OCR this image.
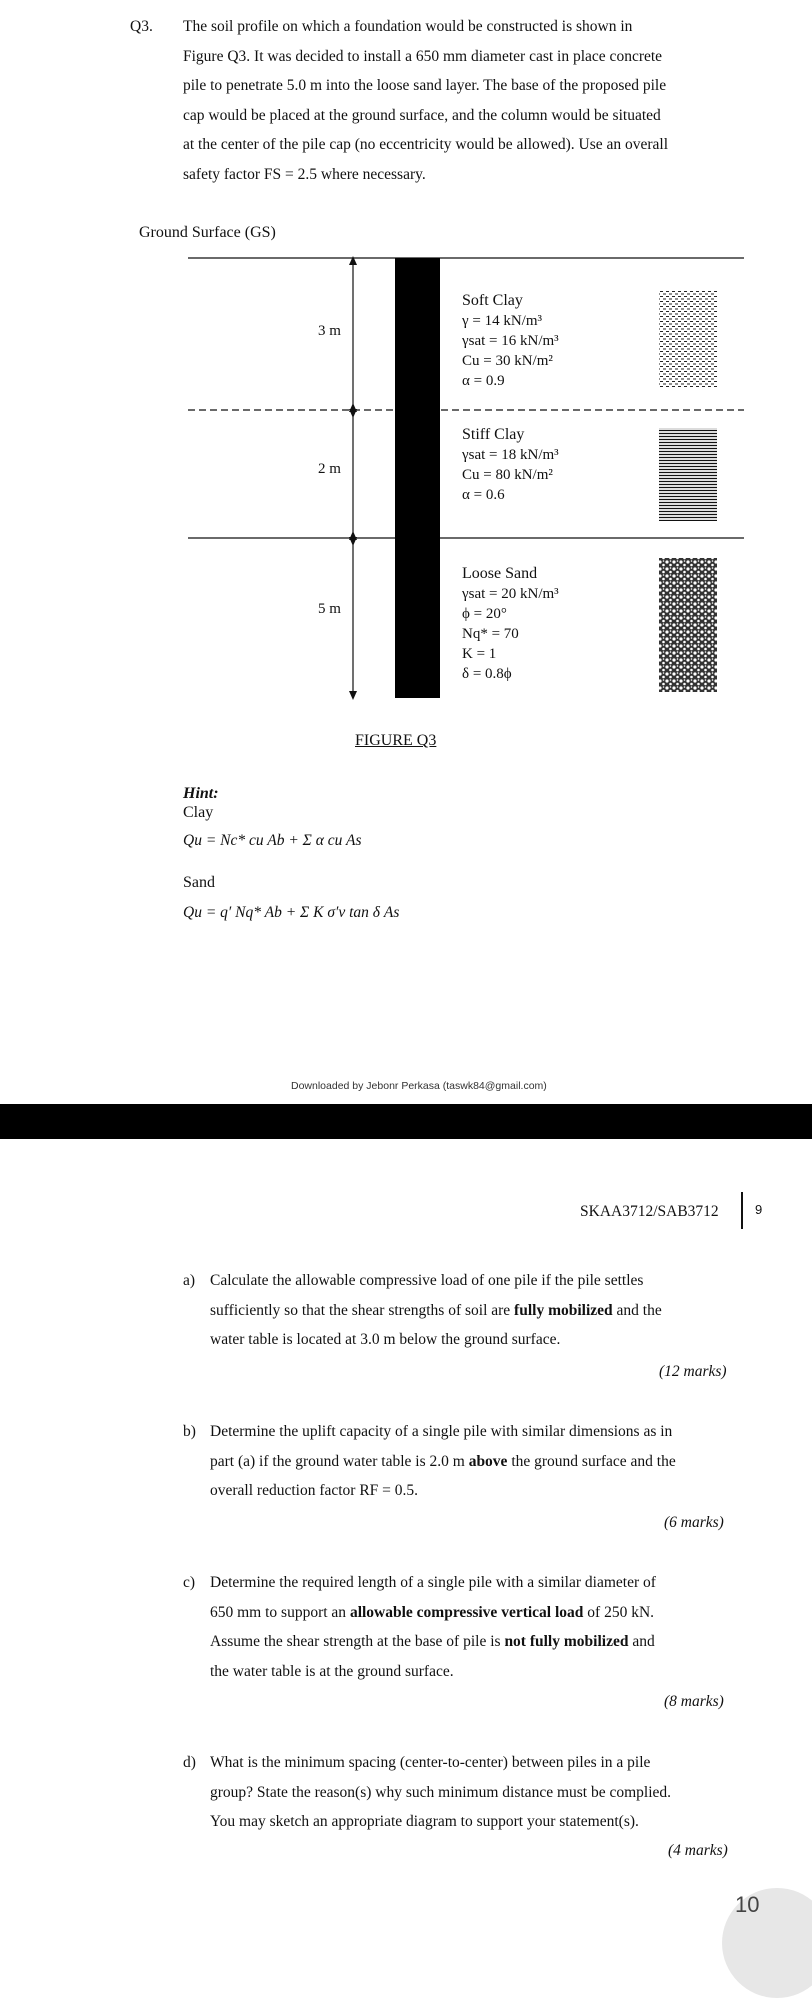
Q3. The soil profile on which a foundation would be constructed is shown in
Figure Q3. It was decided to install a 650 mm diameter cast in place concrete
pile to penetrate 5.0 m into the loose sand layer. The base of the proposed pile
cap would be placed at the ground surface, and the column would be situated
at the center of the pile cap (no eccentricity would be allowed). Use an overall
safety factor FS = 2.5 where necessary.
Ground Surface (GS)
3 m
2 m
5 m
Soft Clay
γ = 14 kN/m³
γsat = 16 kN/m³
Cu = 30 kN/m²
α = 0.9
Stiff Clay
γsat = 18 kN/m³
Cu = 80 kN/m²
α = 0.6
Loose Sand
γsat = 20 kN/m³
ϕ = 20°
Nq* = 70
K = 1
δ = 0.8ϕ
FIGURE Q3
Hint:
Clay
Qu = Nc* cu Ab + Σ α cu As
Sand
Qu = q′ Nq* Ab + Σ K σ′v tan δ As
Downloaded by Jebonr Perkasa (taswk84@gmail.com)
SKAA3712/SAB3712	9
a) Calculate the allowable compressive load of one pile if the pile settles
sufficiently so that the shear strengths of soil are fully mobilized and the
water table is located at 3.0 m below the ground surface.
(12 marks)
b) Determine the uplift capacity of a single pile with similar dimensions as in
part (a) if the ground water table is 2.0 m above the ground surface and the
overall reduction factor RF = 0.5.
(6 marks)
c) Determine the required length of a single pile with a similar diameter of
650 mm to support an allowable compressive vertical load of 250 kN.
Assume the shear strength at the base of pile is not fully mobilized and
the water table is at the ground surface.
(8 marks)
d) What is the minimum spacing (center-to-center) between piles in a pile
group? State the reason(s) why such minimum distance must be complied.
You may sketch an appropriate diagram to support your statement(s).
(4 marks)
10
